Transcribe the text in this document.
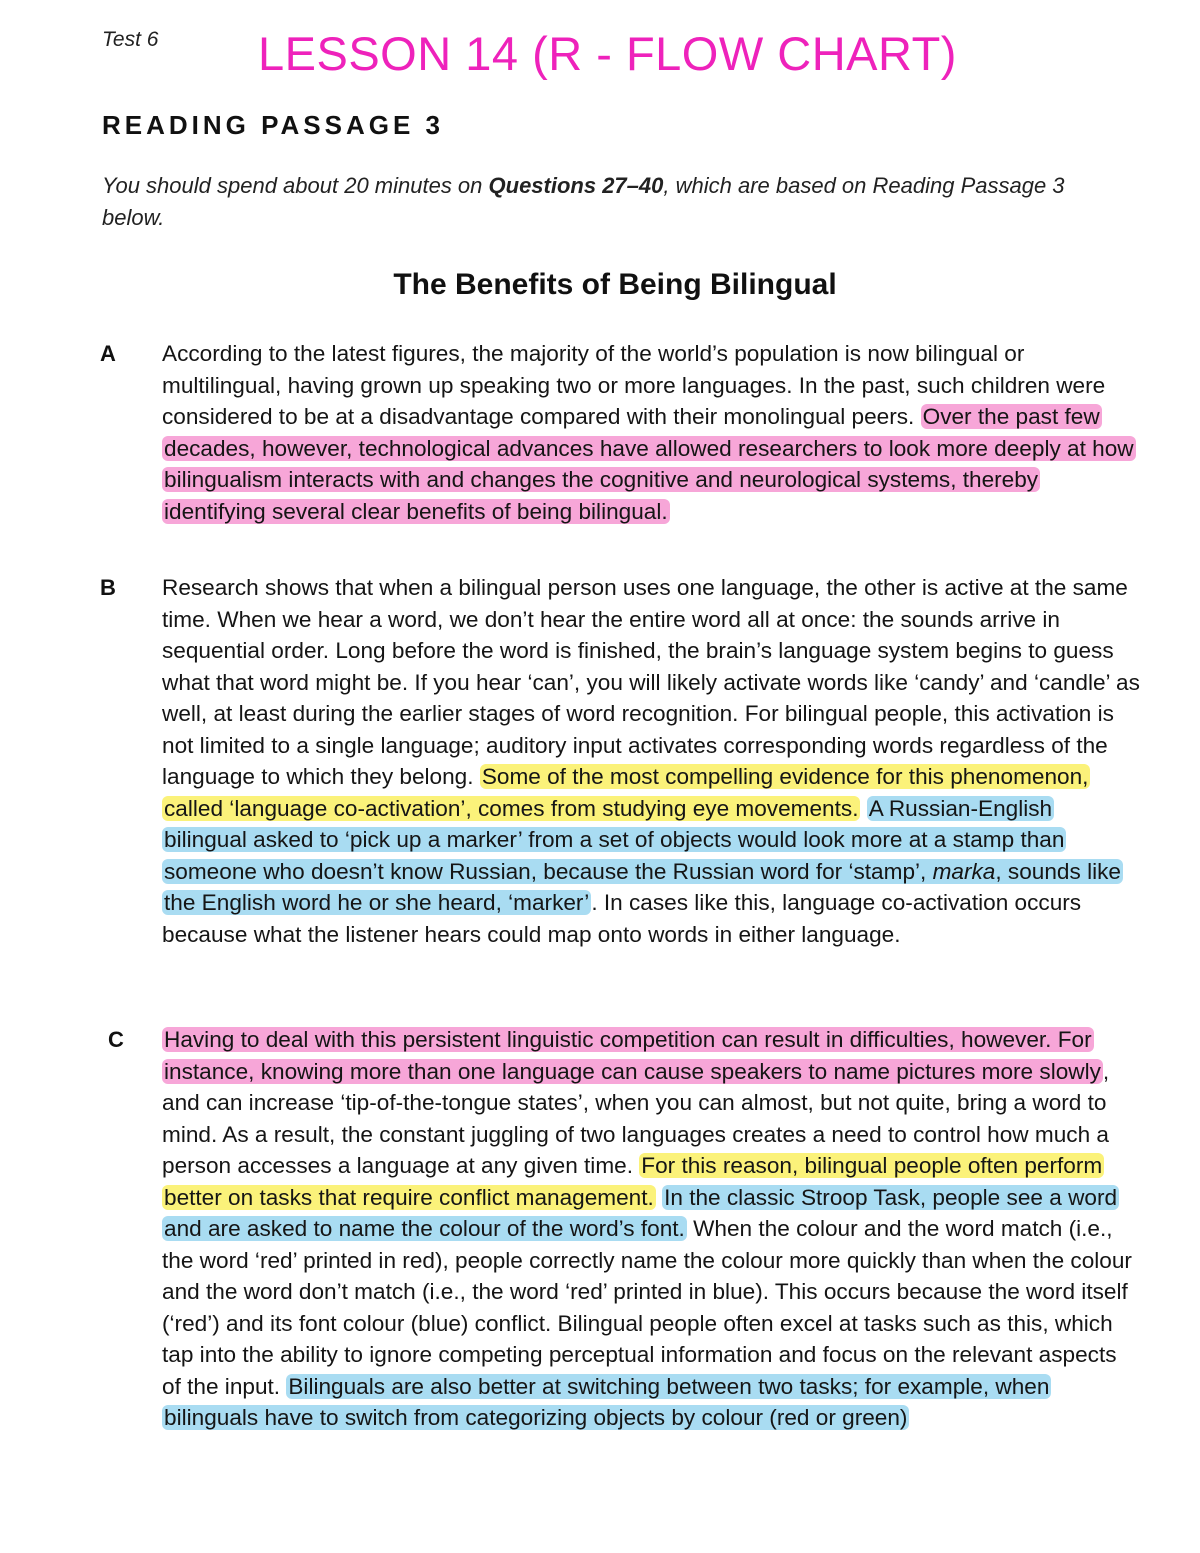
Test 6 LESSON 14 (R - FLOW CHART)
READING PASSAGE 3
You should spend about 20 minutes on Questions 27–40, which are based on Reading Passage 3 below.
The Benefits of Being Bilingual
A	According to the latest figures, the majority of the world’s population is now bilingual or multilingual, having grown up speaking two or more languages. In the past, such children were considered to be at a disadvantage compared with their monolingual peers. Over the past few decades, however, technological advances have allowed researchers to look more deeply at how bilingualism interacts with and changes the cognitive and neurological systems, thereby identifying several clear benefits of being bilingual.
B	Research shows that when a bilingual person uses one language, the other is active at the same time. When we hear a word, we don’t hear the entire word all at once: the sounds arrive in sequential order. Long before the word is finished, the brain’s language system begins to guess what that word might be. If you hear ‘can’, you will likely activate words like ‘candy’ and ‘candle’ as well, at least during the earlier stages of word recognition. For bilingual people, this activation is not limited to a single language; auditory input activates corresponding words regardless of the language to which they belong. Some of the most compelling evidence for this phenomenon, called ‘language co-activation’, comes from studying eye movements. A Russian-English bilingual asked to ‘pick up a marker’ from a set of objects would look more at a stamp than someone who doesn’t know Russian, because the Russian word for ‘stamp’, marka, sounds like the English word he or she heard, ‘marker’. In cases like this, language co-activation occurs because what the listener hears could map onto words in either language.
C	Having to deal with this persistent linguistic competition can result in difficulties, however. For instance, knowing more than one language can cause speakers to name pictures more slowly, and can increase ‘tip-of-the-tongue states’, when you can almost, but not quite, bring a word to mind. As a result, the constant juggling of two languages creates a need to control how much a person accesses a language at any given time. For this reason, bilingual people often perform better on tasks that require conflict management. In the classic Stroop Task, people see a word and are asked to name the colour of the word’s font. When the colour and the word match (i.e., the word ‘red’ printed in red), people correctly name the colour more quickly than when the colour and the word don’t match (i.e., the word ‘red’ printed in blue). This occurs because the word itself (‘red’) and its font colour (blue) conflict. Bilingual people often excel at tasks such as this, which tap into the ability to ignore competing perceptual information and focus on the relevant aspects of the input. Bilinguals are also better at switching between two tasks; for example, when bilinguals have to switch from categorizing objects by colour (red or green)
